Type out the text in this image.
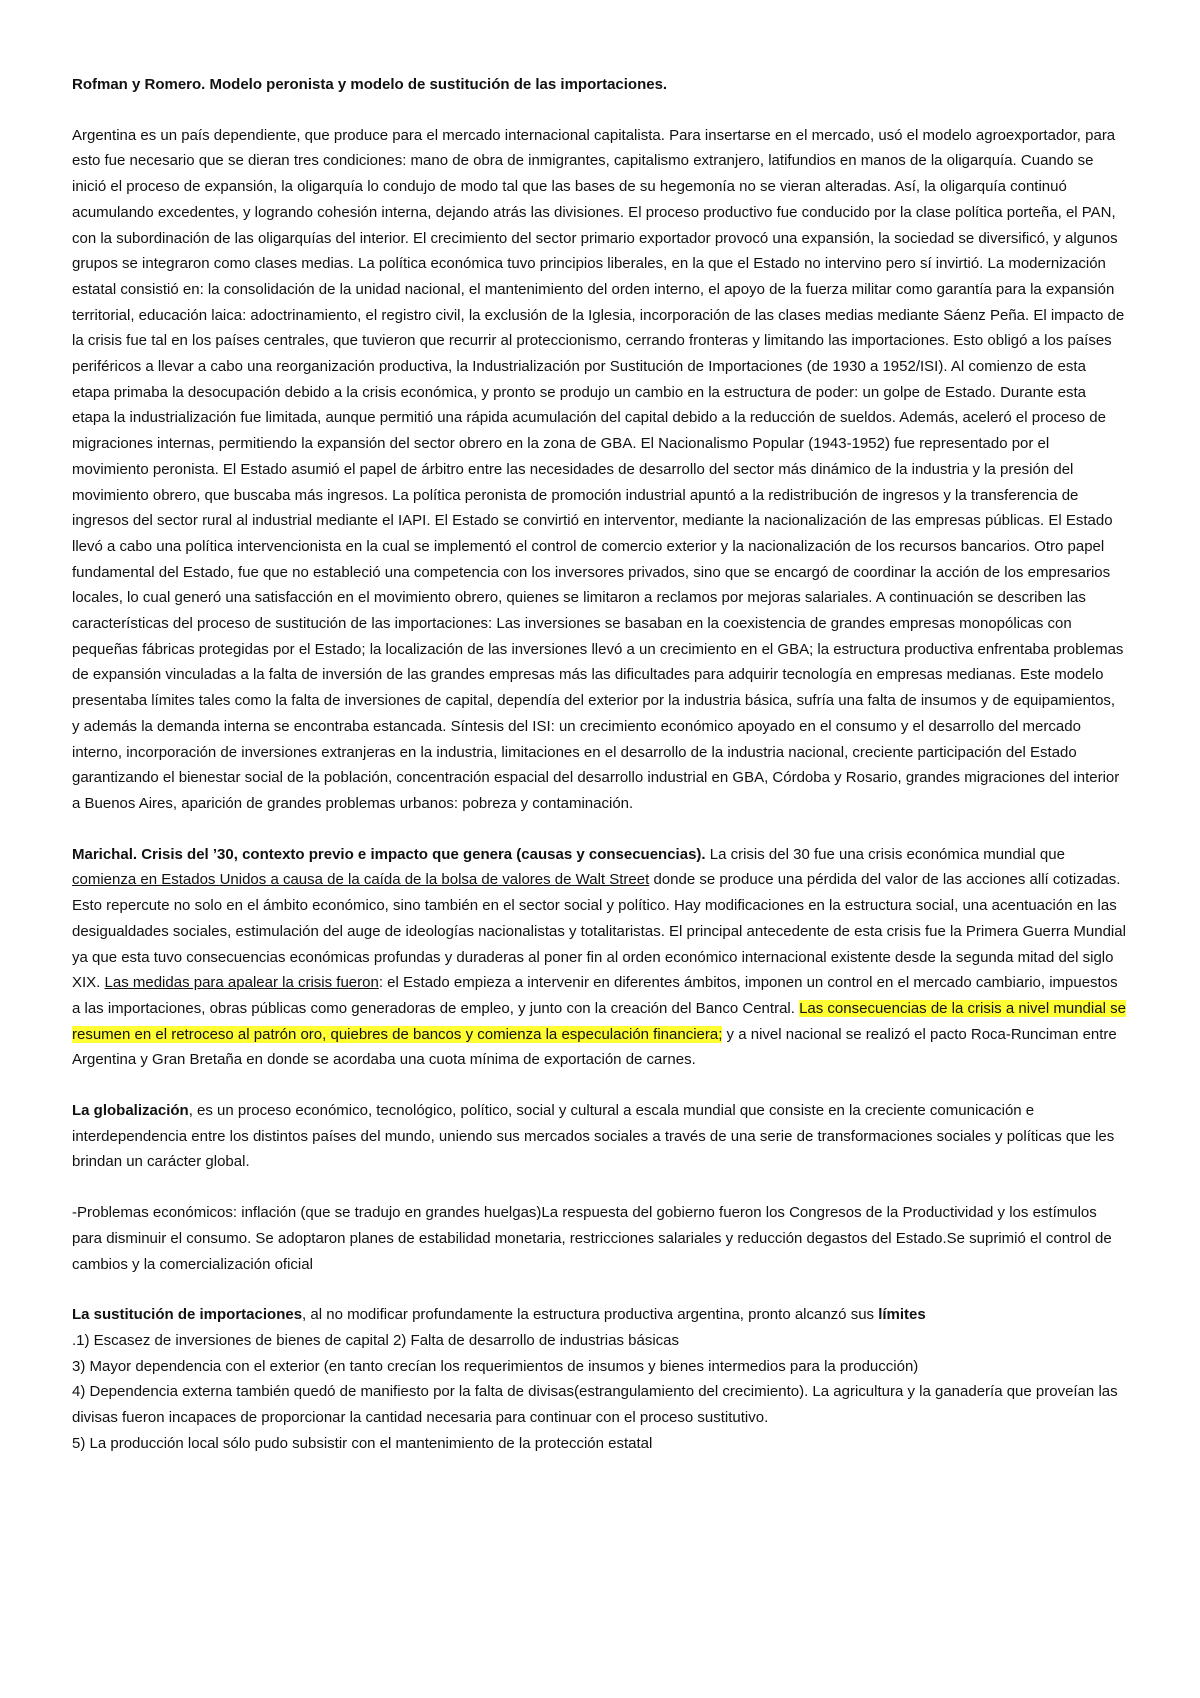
Rofman y Romero. Modelo peronista y modelo de sustitución de las importaciones.

Argentina es un país dependiente, que produce para el mercado internacional capitalista. Para insertarse en el mercado, usó el modelo agroexportador, para esto fue necesario que se dieran tres condiciones: mano de obra de inmigrantes, capitalismo extranjero, latifundios en manos de la oligarquía. Cuando se inició el proceso de expansión, la oligarquía lo condujo de modo tal que las bases de su hegemonía no se vieran alteradas. Así, la oligarquía continuó acumulando excedentes, y logrando cohesión interna, dejando atrás las divisiones. El proceso productivo fue conducido por la clase política porteña, el PAN, con la subordinación de las oligarquías del interior. El crecimiento del sector primario exportador provocó una expansión, la sociedad se diversificó, y algunos grupos se integraron como clases medias. La política económica tuvo principios liberales, en la que el Estado no intervino pero sí invirtió. La modernización estatal consistió en: la consolidación de la unidad nacional, el mantenimiento del orden interno, el apoyo de la fuerza militar como garantía para la expansión territorial, educación laica: adoctrinamiento, el registro civil, la exclusión de la Iglesia, incorporación de las clases medias mediante Sáenz Peña. El impacto de la crisis fue tal en los países centrales, que tuvieron que recurrir al proteccionismo, cerrando fronteras y limitando las importaciones. Esto obligó a los países periféricos a llevar a cabo una reorganización productiva, la Industrialización por Sustitución de Importaciones (de 1930 a 1952/ISI). Al comienzo de esta etapa primaba la desocupación debido a la crisis económica, y pronto se produjo un cambio en la estructura de poder: un golpe de Estado. Durante esta etapa la industrialización fue limitada, aunque permitió una rápida acumulación del capital debido a la reducción de sueldos. Además, aceleró el proceso de migraciones internas, permitiendo la expansión del sector obrero en la zona de GBA. El Nacionalismo Popular (1943-1952) fue representado por el movimiento peronista. El Estado asumió el papel de árbitro entre las necesidades de desarrollo del sector más dinámico de la industria y la presión del movimiento obrero, que buscaba más ingresos. La política peronista de promoción industrial apuntó a la redistribución de ingresos y la transferencia de ingresos del sector rural al industrial mediante el IAPI. El Estado se convirtió en interventor, mediante la nacionalización de las empresas públicas. El Estado llevó a cabo una política intervencionista en la cual se implementó el control de comercio exterior y la nacionalización de los recursos bancarios. Otro papel fundamental del Estado, fue que no estableció una competencia con los inversores privados, sino que se encargó de coordinar la acción de los empresarios locales, lo cual generó una satisfacción en el movimiento obrero, quienes se limitaron a reclamos por mejoras salariales. A continuación se describen las características del proceso de sustitución de las importaciones: Las inversiones se basaban en la coexistencia de grandes empresas monopólicas con pequeñas fábricas protegidas por el Estado; la localización de las inversiones llevó a un crecimiento en el GBA; la estructura productiva enfrentaba problemas de expansión vinculadas a la falta de inversión de las grandes empresas más las dificultades para adquirir tecnología en empresas medianas. Este modelo presentaba límites tales como la falta de inversiones de capital, dependía del exterior por la industria básica, sufría una falta de insumos y de equipamientos, y además la demanda interna se encontraba estancada. Síntesis del ISI: un crecimiento económico apoyado en el consumo y el desarrollo del mercado interno, incorporación de inversiones extranjeras en la industria, limitaciones en el desarrollo de la industria nacional, creciente participación del Estado garantizando el bienestar social de la población, concentración espacial del desarrollo industrial en GBA, Córdoba y Rosario, grandes migraciones del interior a Buenos Aires, aparición de grandes problemas urbanos: pobreza y contaminación.

Marichal. Crisis del ’30, contexto previo e impacto que genera (causas y consecuencias). La crisis del 30 fue una crisis económica mundial que comienza en Estados Unidos a causa de la caída de la bolsa de valores de Walt Street donde se produce una pérdida del valor de las acciones allí cotizadas. Esto repercute no solo en el ámbito económico, sino también en el sector social y político. Hay modificaciones en la estructura social, una acentuación en las desigualdades sociales, estimulación del auge de ideologías nacionalistas y totalitaristas. El principal antecedente de esta crisis fue la Primera Guerra Mundial ya que esta tuvo consecuencias económicas profundas y duraderas al poner fin al orden económico internacional existente desde la segunda mitad del siglo XIX. Las medidas para apalear la crisis fueron: el Estado empieza a intervenir en diferentes ámbitos, imponen un control en el mercado cambiario, impuestos a las importaciones, obras públicas como generadoras de empleo, y junto con la creación del Banco Central. Las consecuencias de la crisis a nivel mundial se resumen en el retroceso al patrón oro, quiebres de bancos y comienza la especulación financiera; y a nivel nacional se realizó el pacto Roca-Runciman entre Argentina y Gran Bretaña en donde se acordaba una cuota mínima de exportación de carnes.

La globalización, es un proceso económico, tecnológico, político, social y cultural a escala mundial que consiste en la creciente comunicación e interdependencia entre los distintos países del mundo, uniendo sus mercados sociales a través de una serie de transformaciones sociales y políticas que les brindan un carácter global.

-Problemas económicos: inflación (que se tradujo en grandes huelgas)La respuesta del gobierno fueron los Congresos de la Productividad y los estímulos para disminuir el consumo. Se adoptaron planes de estabilidad monetaria, restricciones salariales y reducción degastos del Estado.Se suprimió el control de cambios y la comercialización oficial

La sustitución de importaciones, al no modificar profundamente la estructura productiva argentina, pronto alcanzó sus límites
.1) Escasez de inversiones de bienes de capital 2) Falta de desarrollo de industrias básicas
3) Mayor dependencia con el exterior (en tanto crecían los requerimientos de insumos y bienes intermedios para la producción)
4) Dependencia externa también quedó de manifiesto por la falta de divisas(estrangulamiento del crecimiento). La agricultura y la ganadería que proveían las divisas fueron incapaces de proporcionar la cantidad necesaria para continuar con el proceso sustitutivo.
5) La producción local sólo pudo subsistir con el mantenimiento de la protección estatal
